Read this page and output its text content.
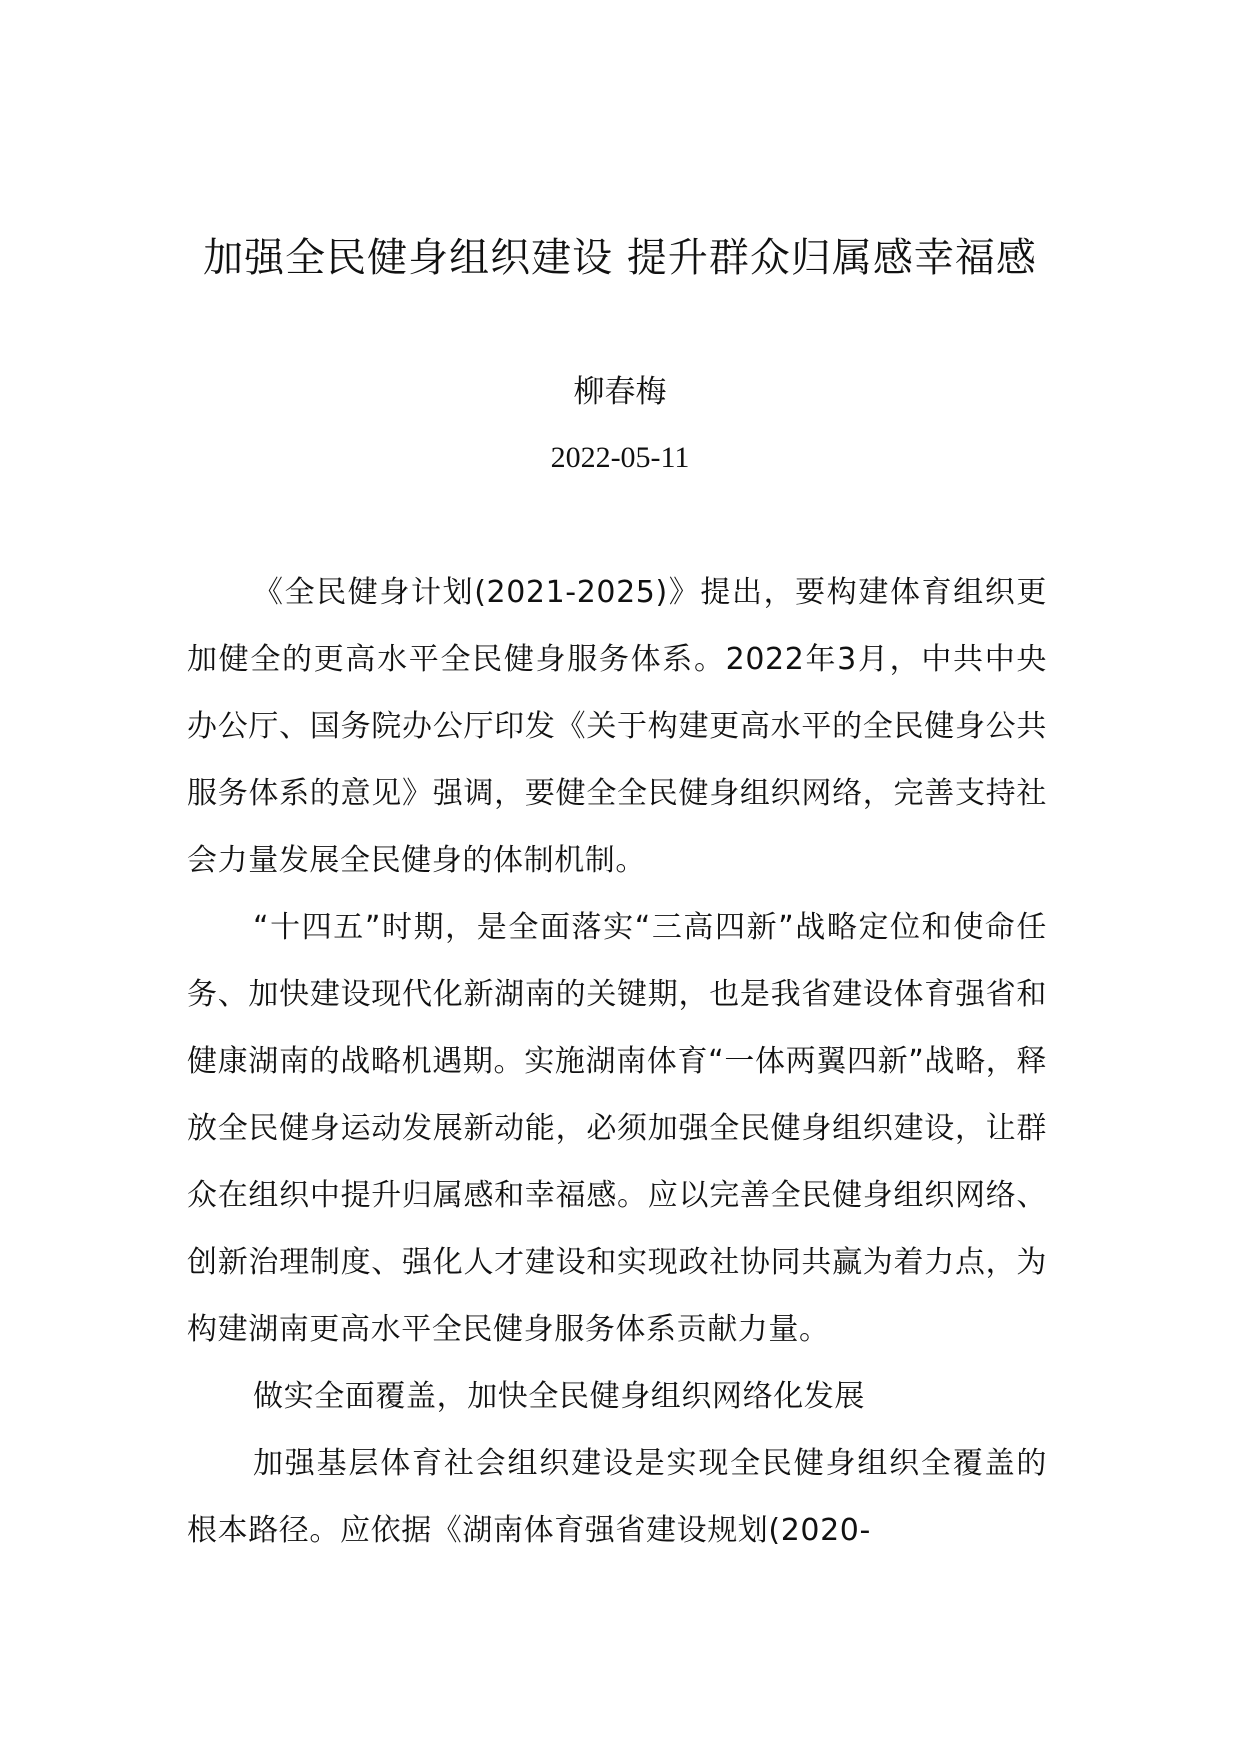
加强全民健身组织建设 提升群众归属感幸福感
柳春梅
2022-05-11

《全民健身计划(2021-2025)》提出，要构建体育组织更加健全的更高水平全民健身服务体系。2022年3月，中共中央办公厅、国务院办公厅印发《关于构建更高水平的全民健身公共服务体系的意见》强调，要健全全民健身组织网络，完善支持社会力量发展全民健身的体制机制。

“十四五”时期，是全面落实“三高四新”战略定位和使命任务、加快建设现代化新湖南的关键期，也是我省建设体育强省和健康湖南的战略机遇期。实施湖南体育“一体两翼四新”战略，释放全民健身运动发展新动能，必须加强全民健身组织建设，让群众在组织中提升归属感和幸福感。应以完善全民健身组织网络、创新治理制度、强化人才建设和实现政社协同共赢为着力点，为构建湖南更高水平全民健身服务体系贡献力量。

做实全面覆盖，加快全民健身组织网络化发展

加强基层体育社会组织建设是实现全民健身组织全覆盖的根本路径。应依据《湖南体育强省建设规划(2020-
